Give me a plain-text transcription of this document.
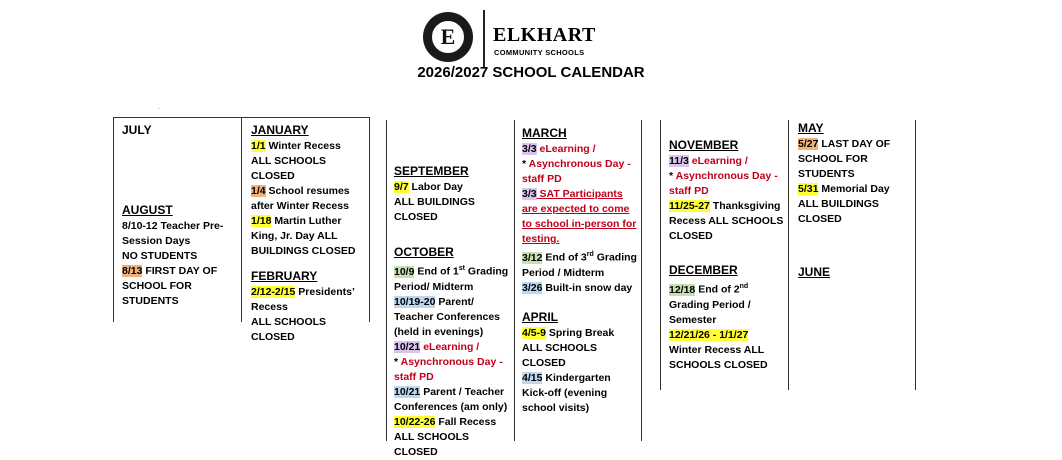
E ELKHART
COMMUNITY SCHOOLS
2026/2027 SCHOOL CALENDAR
.
JULY
AUGUST
8/10-12 Teacher Pre-
Session Days
NO STUDENTS
8/13 FIRST DAY OF
SCHOOL FOR
STUDENTS
JANUARY
1/1 Winter Recess
ALL SCHOOLS CLOSED
1/4 School resumes
after Winter Recess
1/18 Martin Luther
King, Jr. Day ALL
BUILDINGS CLOSED
FEBRUARY
2/12-2/15 Presidents’
Recess
ALL SCHOOLS CLOSED
SEPTEMBER
9/7 Labor Day
ALL BUILDINGS CLOSED
OCTOBER
10/9 End of 1st Grading
Period/ Midterm
10/19-20 Parent/
Teacher Conferences
(held in evenings)
10/21 eLearning /
* Asynchronous Day -
staff PD
10/21 Parent / Teacher
Conferences (am only)
10/22-26 Fall Recess
ALL SCHOOLS CLOSED
MARCH
3/3 eLearning /
* Asynchronous Day -
staff PD
3/3 SAT Participants
are expected to come
to school in-person for
testing.
3/12 End of 3rd Grading
Period / Midterm
3/26 Built-in snow day
APRIL
4/5-9 Spring Break
ALL SCHOOLS CLOSED
4/15 Kindergarten
Kick-off (evening
school visits)
NOVEMBER
11/3 eLearning /
* Asynchronous Day -
staff PD
11/25-27 Thanksgiving
Recess ALL SCHOOLS
CLOSED
DECEMBER
12/18 End of 2nd
Grading Period /
Semester
12/21/26 - 1/1/27
Winter Recess ALL
SCHOOLS CLOSED
MAY
5/27 LAST DAY OF
SCHOOL FOR
STUDENTS
5/31 Memorial Day
ALL BUILDINGS
CLOSED
JUNE
